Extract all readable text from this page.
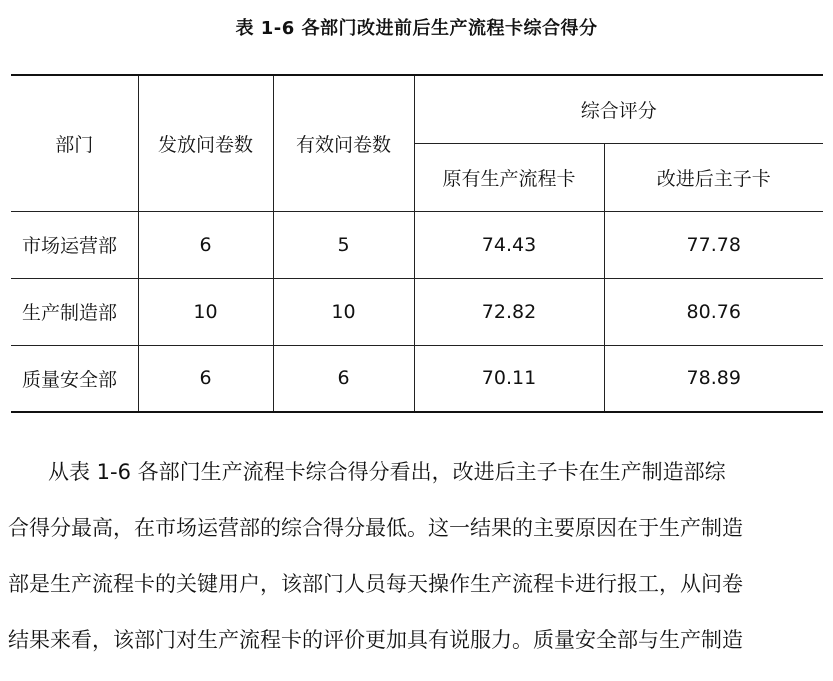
表 1-6 各部门改进前后生产流程卡综合得分
部门	发放问卷数	有效问卷数	综合评分	
			原有生产流程卡	改进后主子卡
市场运营部	6	5	74.43	77.78
生产制造部	10	10	72.82	80.76
质量安全部	6	6	70.11	78.89
从表 1-6 各部门生产流程卡综合得分看出，改进后主子卡在生产制造部综
合得分最高，在市场运营部的综合得分最低。这一结果的主要原因在于生产制造
部是生产流程卡的关键用户，该部门人员每天操作生产流程卡进行报工，从问卷
结果来看，该部门对生产流程卡的评价更加具有说服力。质量安全部与生产制造
